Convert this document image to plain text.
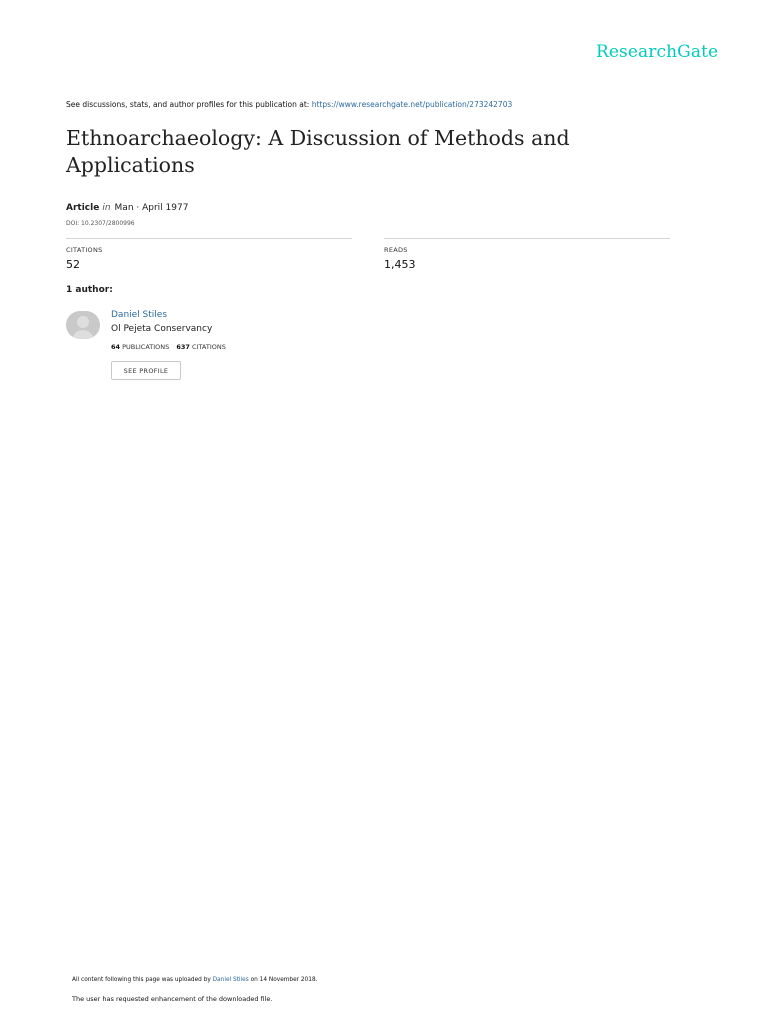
ResearchGate
See discussions, stats, and author profiles for this publication at: https://www.researchgate.net/publication/273242703
Ethnoarchaeology: A Discussion of Methods and Applications
Article in Man · April 1977
DOI: 10.2307/2800996
CITATIONS
52
READS
1,453
1 author:
Daniel Stiles
Ol Pejeta Conservancy
64 PUBLICATIONS 637 CITATIONS
SEE PROFILE
All content following this page was uploaded by Daniel Stiles on 14 November 2018.
The user has requested enhancement of the downloaded file.
